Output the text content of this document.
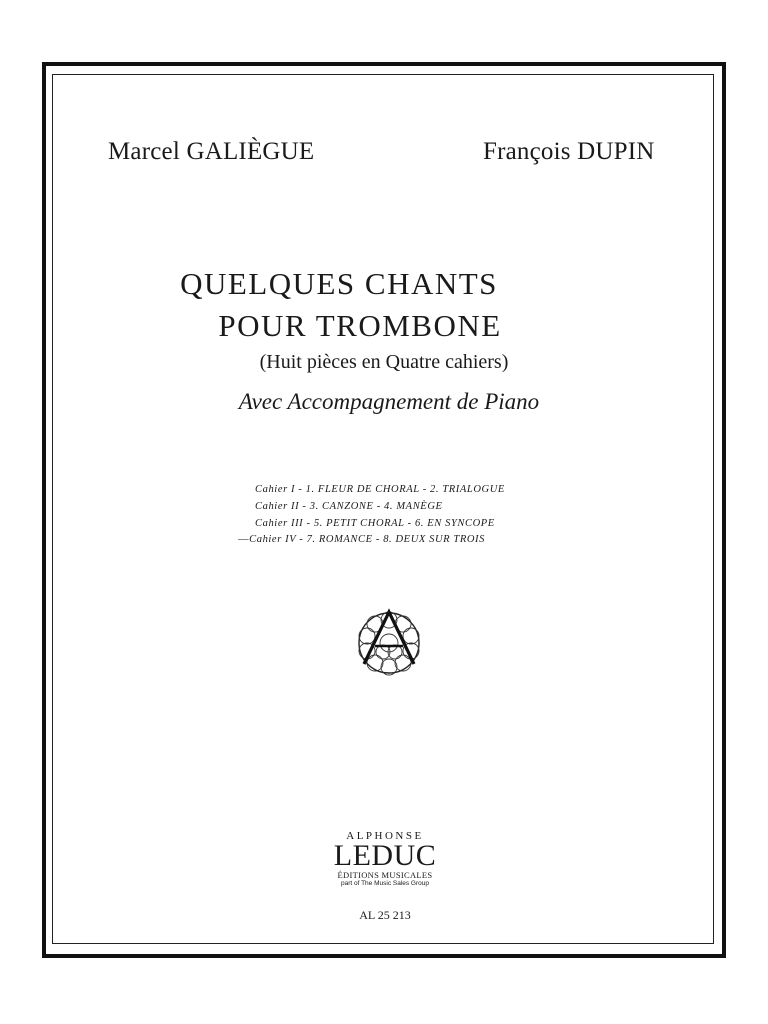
Marcel GALIÈGUE	François DUPIN
QUELQUES CHANTS
POUR TROMBONE
(Huit pièces en Quatre cahiers)
Avec Accompagnement de Piano
Cahier I - 1. FLEUR DE CHORAL - 2. TRIALOGUE
Cahier II - 3. CANZONE - 4. MANÈGE
Cahier III - 5. PETIT CHORAL - 6. EN SYNCOPE
—Cahier IV - 7. ROMANCE - 8. DEUX SUR TROIS
ALPHONSE
LEDUC
ÉDITIONS MUSICALES
part of The Music Sales Group
AL 25 213
